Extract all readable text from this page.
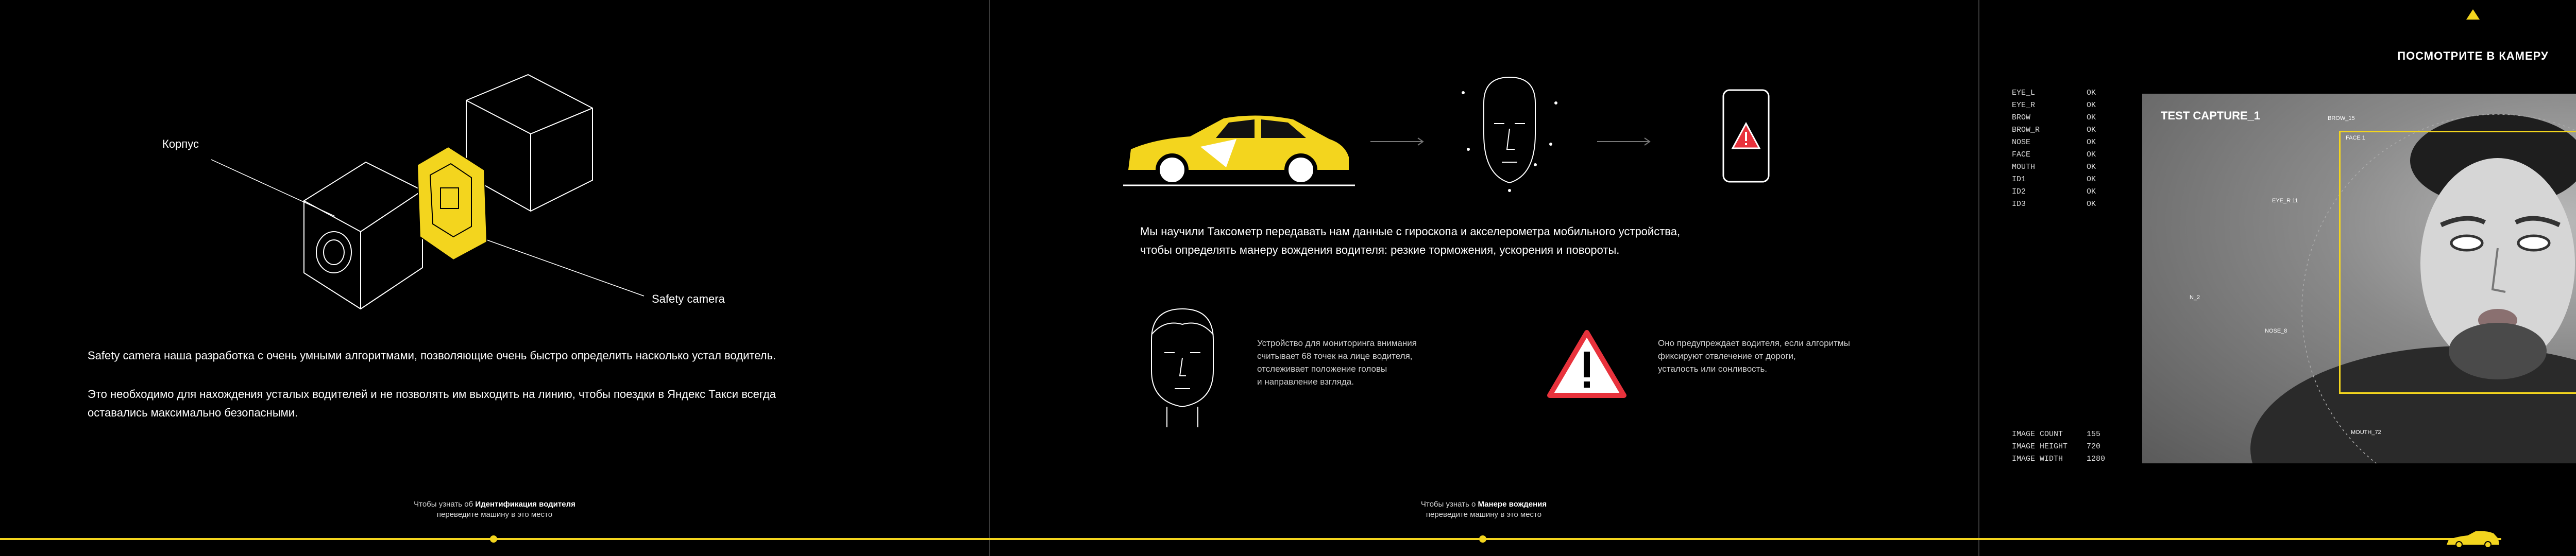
Корпус
Safety camera
Safety camera наша разработка с очень умными алгоритмами, позволяющие очень быстро определить насколько устал водитель.
Это необходимо для нахождения усталых водителей и не позволять им выходить на линию, чтобы поездки в Яндекс Такси всегда
оставались максимально безопасными.
Чтобы узнать об Идентификация водителя
переведите машину в это место
Мы научили Таксометр передавать нам данные с гироскопа и акселерометра мобильного устройства,
чтобы определять манеру вождения водителя: резкие торможения, ускорения и повороты.
Устройство для мониторинга внимания
считывает 68 точек на лице водителя,
отслеживает положение головы
и направление взгляда.
Оно предупреждает водителя, если алгоритмы
фиксируют отвлечение от дороги,
усталость или сонливость.
Чтобы узнать о Манере вождения
переведите машину в это место
ПОСМОТРИТЕ В КАМЕРУ
EYE_L	OK
EYE_R	OK
BROW	OK
BROW_R	OK
NOSE	OK
FACE	OK
MOUTH	OK
ID1	OK
ID2	OK
ID3	OK
IMAGE COUNT	155
IMAGE HEIGHT 720
IMAGE WIDTH	1280
TEST CAPTURE_1	BROW_15
FACE 1
EYE_R 11
N_2
NOSE_8
MOUTH_72
